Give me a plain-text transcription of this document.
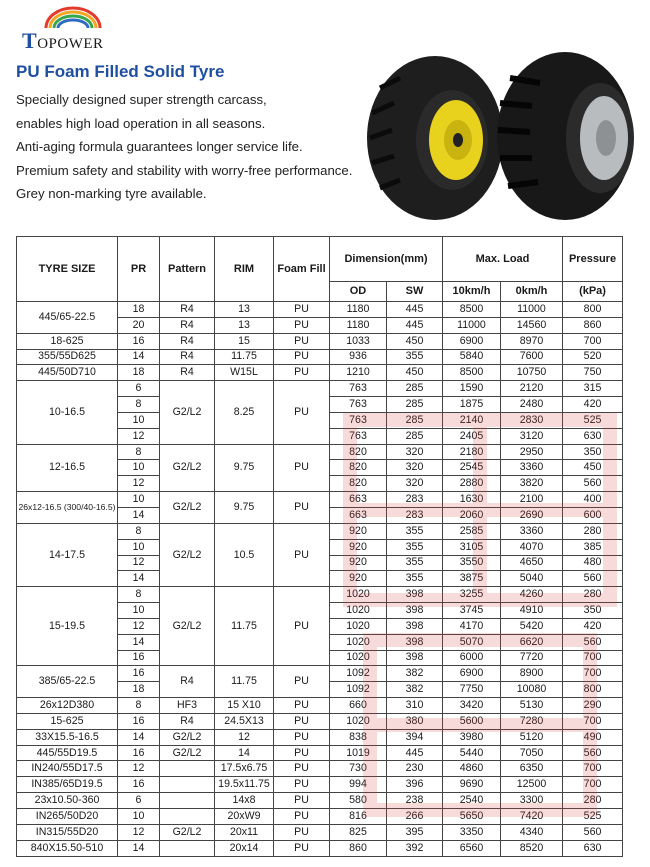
TOPOWER
PU Foam Filled Solid Tyre
Specially designed super strength carcass,
enables high load operation in all seasons.
Anti-aging formula guarantees longer service life.
Premium safety and stability with worry-free performance.
Grey non-marking tyre available.
TYRE SIZE	PR	Pattern	RIM	Foam Fill	Dimension(mm)		Max. Load		Pressure
					OD	SW	10km/h	0km/h	(kPa)
445/65-22.5	18	R4	13	PU	1180	445	8500	11000	800
	20	R4	13	PU	1180	445	11000	14560	860
18-625	16	R4	15	PU	1033	450	6900	8970	700
355/55D625	14	R4	11.75	PU	936	355	5840	7600	520
445/50D710	18	R4	W15L	PU	1210	450	8500	10750	750
10-16.5	6	G2/L2	8.25	PU	763	285	1590	2120	315
	8				763	285	1875	2480	420
	10				763	285	2140	2830	525
	12				763	285	2405	3120	630
12-16.5	8	G2/L2	9.75	PU	820	320	2180	2950	350
	10				820	320	2545	3360	450
	12				820	320	2880	3820	560
26x12-16.5 (300/40-16.5)	10	G2/L2	9.75	PU	663	283	1630	2100	400
	14				663	283	2060	2690	600
14-17.5	8	G2/L2	10.5	PU	920	355	2585	3360	280
	10				920	355	3105	4070	385
	12				920	355	3550	4650	480
	14				920	355	3875	5040	560
15-19.5	8	G2/L2	11.75	PU	1020	398	3255	4260	280
	10				1020	398	3745	4910	350
	12				1020	398	4170	5420	420
	14				1020	398	5070	6620	560
	16				1020	398	6000	7720	700
385/65-22.5	16	R4	11.75	PU	1092	382	6900	8900	700
	18				1092	382	7750	10080	800
26x12D380	8	HF3	15 X10	PU	660	310	3420	5130	290
15-625	16	R4	24.5X13	PU	1020	380	5600	7280	700
33X15.5-16.5	14	G2/L2	12	PU	838	394	3980	5120	490
445/55D19.5	16	G2/L2	14	PU	1019	445	5440	7050	560
IN240/55D17.5	12		17.5x6.75	PU	730	230	4860	6350	700
IN385/65D19.5	16		19.5x11.75	PU	994	396	9690	12500	700
23x10.50-360	6		14x8	PU	580	238	2540	3300	280
IN265/50D20	10		20xW9	PU	816	266	5650	7420	525
IN315/55D20	12	G2/L2	20x11	PU	825	395	3350	4340	560
840X15.50-510	14		20x14	PU	860	392	6560	8520	630
